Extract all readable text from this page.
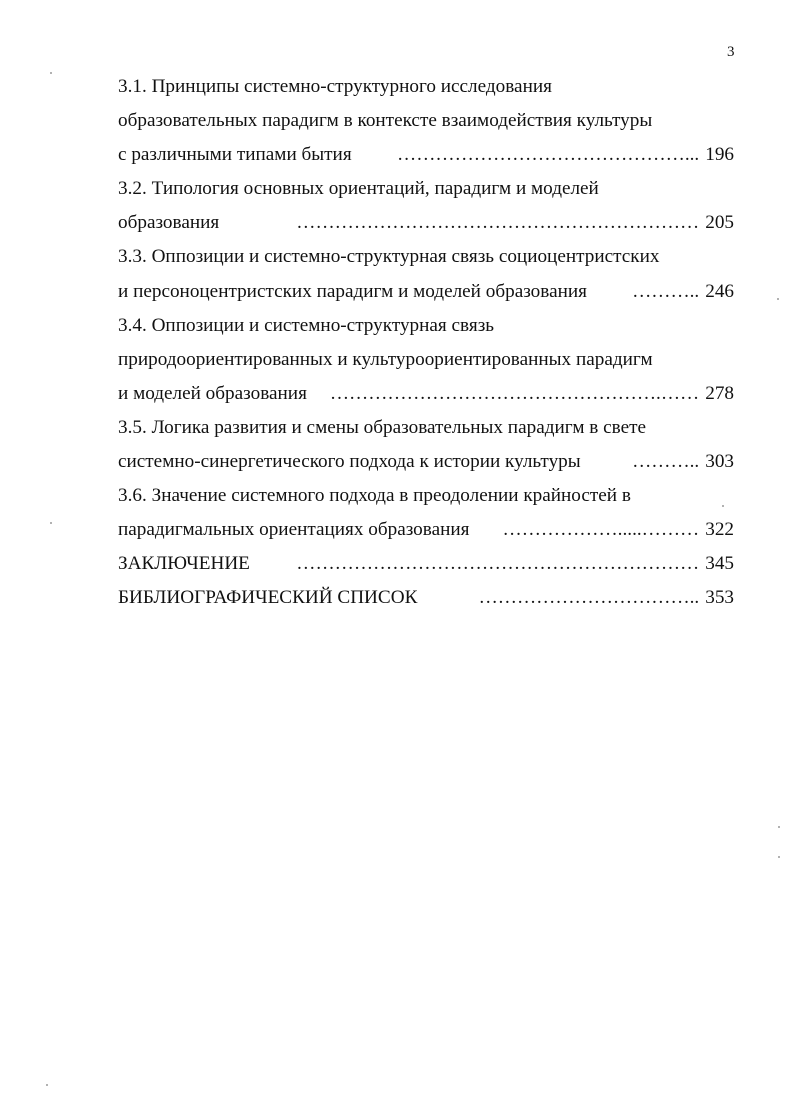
3
3.1. Принципы системно-структурного исследования
образовательных парадигм в контексте взаимодействия культуры
с различными типами бытия	………………………………………... 196
3.2. Типология основных ориентаций, парадигм и моделей
образования	……………………………………………………… 205
3.3. Оппозиции и системно-структурная связь социоцентристских
и персоноцентристских парадигм и моделей образования	……….. 246
3.4. Оппозиции и системно-структурная связь
природоориентированных и культуроориентированных парадигм
и моделей образования	…………………………………………….…… 278
3.5. Логика развития и смены образовательных парадигм в свете
системно-синергетического подхода к истории культуры	……….. 303
3.6. Значение системного подхода в преодолении крайностей в
парадигмальных ориентациях образования	……………….....……… 322
ЗАКЛЮЧЕНИЕ	……………………………………………………… 345
БИБЛИОГРАФИЧЕСКИЙ СПИСОК	…………………………….. 353
